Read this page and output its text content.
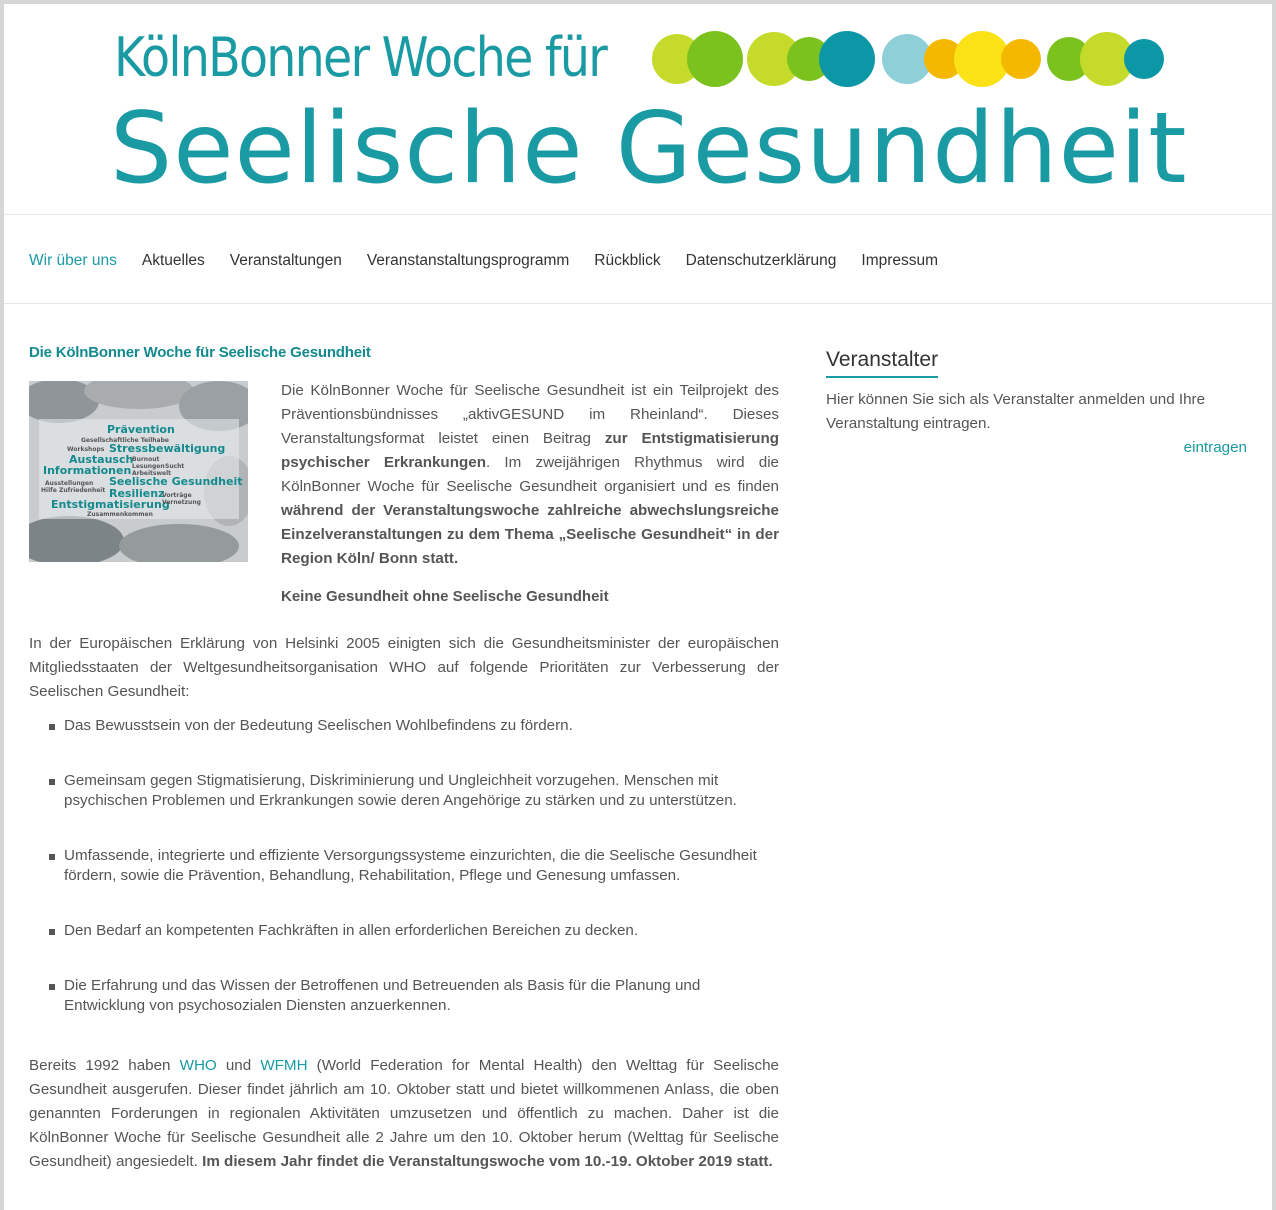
KölnBonner Woche für
Seelische Gesundheit
Wir über uns Aktuelles Veranstaltungen Veranstanstaltungsprogramm Rückblick Datenschutzerklärung Impressum
Die KölnBonner Woche für Seelische Gesundheit
Prävention
Gesellschaftliche Teilhabe
Workshops Stressbewältigung
Austausch
Burnout
Lesungen Sucht
Informationen Arbeitswelt
Ausstellungen Seelische Gesundheit
Hilfe Zufriedenheit Resilienz
Vorträge
Entstigmatisierung
Vernetzung
Zusammenkommen

Die KölnBonner Woche für Seelische Gesundheit ist ein Teilprojekt des Präventionsbündnisses „aktivGESUND im Rheinland“. Dieses Veranstaltungsformat leistet einen Beitrag zur Entstigmatisierung psychischer Erkrankungen. Im zweijährigen Rhythmus wird die KölnBonner Woche für Seelische Gesundheit organisiert und es finden während der Veranstaltungswoche zahlreiche abwechslungsreiche Einzelveranstaltungen zu dem Thema „Seelische Gesundheit“ in der Region Köln/ Bonn statt.

Keine Gesundheit ohne Seelische Gesundheit

In der Europäischen Erklärung von Helsinki 2005 einigten sich die Gesundheitsminister der europäischen Mitgliedsstaaten der Weltgesundheitsorganisation WHO auf folgende Prioritäten zur Verbesserung der Seelischen Gesundheit:

Das Bewusstsein von der Bedeutung Seelischen Wohlbefindens zu fördern.
Gemeinsam gegen Stigmatisierung, Diskriminierung und Ungleichheit vorzugehen. Menschen mit psychischen Problemen und Erkrankungen sowie deren Angehörige zu stärken und zu unterstützen.
Umfassende, integrierte und effiziente Versorgungssysteme einzurichten, die die Seelische Gesundheit fördern, sowie die Prävention, Behandlung, Rehabilitation, Pflege und Genesung umfassen.
Den Bedarf an kompetenten Fachkräften in allen erforderlichen Bereichen zu decken.
Die Erfahrung und das Wissen der Betroffenen und Betreuenden als Basis für die Planung und Entwicklung von psychosozialen Diensten anzuerkennen.

Bereits 1992 haben WHO und WFMH (World Federation for Mental Health) den Welttag für Seelische Gesundheit ausgerufen. Dieser findet jährlich am 10. Oktober statt und bietet willkommenen Anlass, die oben genannten Forderungen in regionalen Aktivitäten umzusetzen und öffentlich zu machen. Daher ist die KölnBonner Woche für Seelische Gesundheit alle 2 Jahre um den 10. Oktober herum (Welttag für Seelische Gesundheit) angesiedelt. Im diesem Jahr findet die Veranstaltungswoche vom 10.-19. Oktober 2019 statt.

Veranstalter

Hier können Sie sich als Veranstalter anmelden und Ihre Veranstaltung eintragen.

eintragen
